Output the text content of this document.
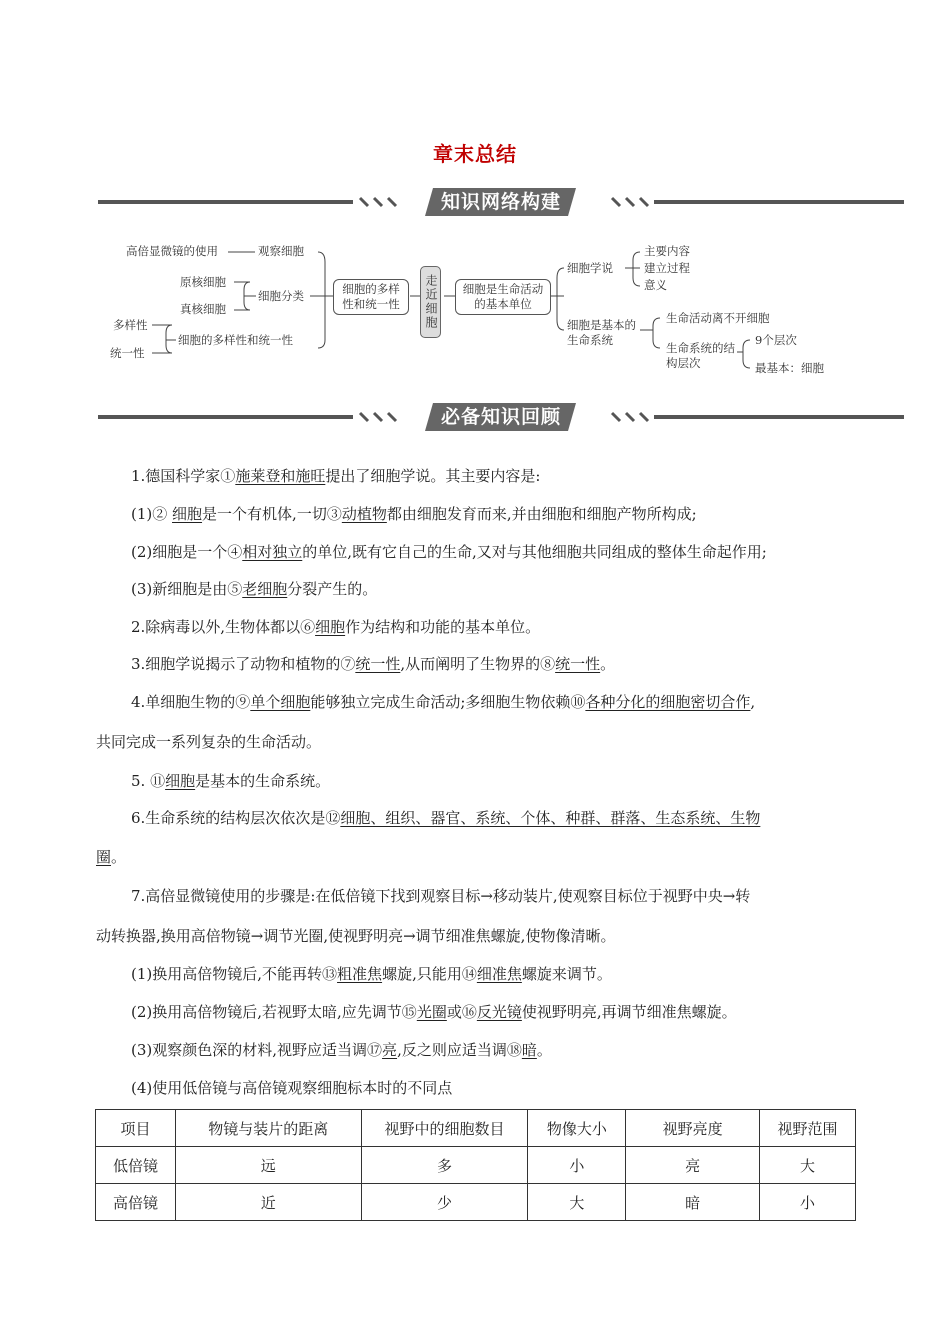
章末总结
知识网络构建
高倍显微镜的使用	观察细胞
原核细胞
真核细胞
细胞分类
多样性
统一性
细胞的多样性和统一性
细胞的多样性和统一性	走近细胞	细胞是生命活动的基本单位
细胞学说
主要内容
建立过程
意义
细胞是基本的生命系统
生命活动离不开细胞
生命系统的结构层次
9个层次
最基本：细胞
必备知识回顾
1.德国科学家①施莱登和施旺提出了细胞学说。其主要内容是:
(1)② 细胞是一个有机体,一切③动植物都由细胞发育而来,并由细胞和细胞产物所构成;
(2)细胞是一个④相对独立的单位,既有它自己的生命,又对与其他细胞共同组成的整体生命起作用;
(3)新细胞是由⑤老细胞分裂产生的。
2.除病毒以外,生物体都以⑥细胞作为结构和功能的基本单位。
3.细胞学说揭示了动物和植物的⑦统一性,从而阐明了生物界的⑧统一性。
4.单细胞生物的⑨单个细胞能够独立完成生命活动;多细胞生物依赖⑩各种分化的细胞密切合作,
共同完成一系列复杂的生命活动。
5. ⑪细胞是基本的生命系统。
6.生命系统的结构层次依次是⑫细胞、组织、器官、系统、个体、种群、群落、生态系统、生物
圈。
7.高倍显微镜使用的步骤是:在低倍镜下找到观察目标→移动装片,使观察目标位于视野中央→转
动转换器,换用高倍物镜→调节光圈,使视野明亮→调节细准焦螺旋,使物像清晰。
(1)换用高倍物镜后,不能再转⑬粗准焦螺旋,只能用⑭细准焦螺旋来调节。
(2)换用高倍物镜后,若视野太暗,应先调节⑮光圈或⑯反光镜使视野明亮,再调节细准焦螺旋。
(3)观察颜色深的材料,视野应适当调⑰亮,反之则应适当调⑱暗。
(4)使用低倍镜与高倍镜观察细胞标本时的不同点
项目	物镜与装片的距离	视野中的细胞数目	物像大小	视野亮度	视野范围
低倍镜	远	多	小	亮	大
高倍镜	近	少	大	暗	小
